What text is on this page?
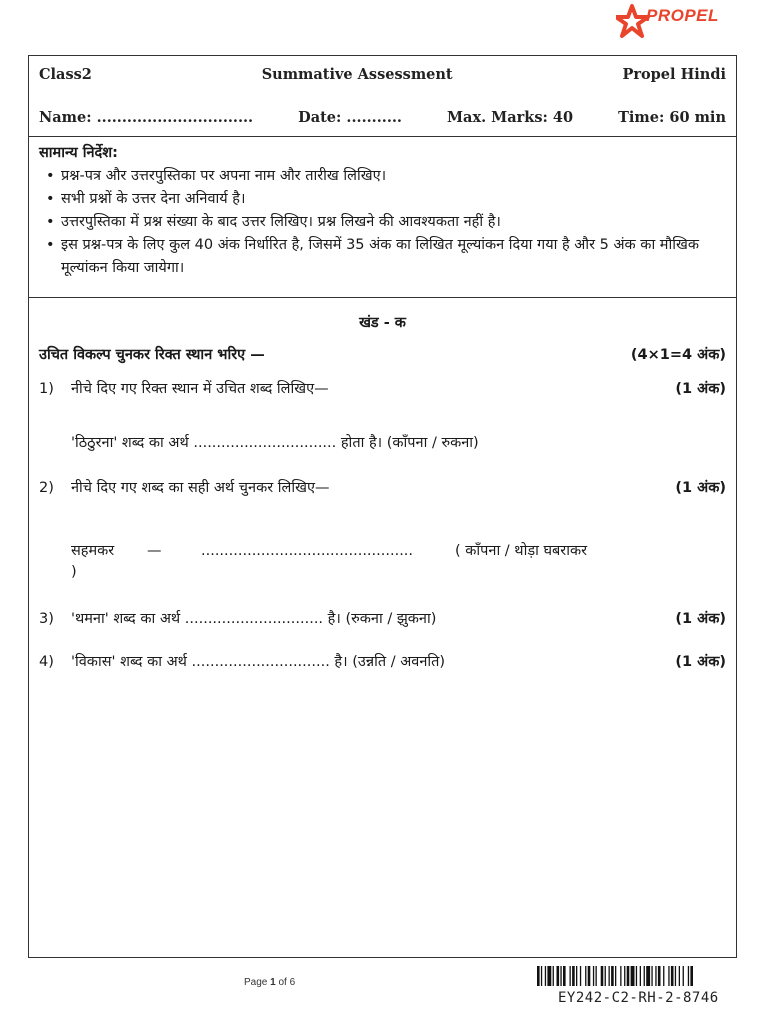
PROPEL
Class2	Summative Assessment	Propel Hindi
Name: ...............................	Date: ...........	Max. Marks: 40	Time: 60 min
सामान्य निर्देश:
• प्रश्न-पत्र और उत्तरपुस्तिका पर अपना नाम और तारीख लिखिए।
• सभी प्रश्नों के उत्तर देना अनिवार्य है।
• उत्तरपुस्तिका में प्रश्न संख्या के बाद उत्तर लिखिए। प्रश्न लिखने की आवश्यकता नहीं है।
• इस प्रश्न-पत्र के लिए कुल 40 अंक निर्धारित है, जिसमें 35 अंक का लिखित मूल्यांकन दिया गया है और 5 अंक का मौखिक मूल्यांकन किया जायेगा।
खंड - क
उचित विकल्प चुनकर रिक्त स्थान भरिए —	(4×1=4 अंक)
1) नीचे दिए गए रिक्त स्थान में उचित शब्द लिखिए—	(1 अंक)
'ठिठुरना' शब्द का अर्थ ............................... होता है। (काँपना / रुकना)
2) नीचे दिए गए शब्द का सही अर्थ चुनकर लिखिए—	(1 अंक)
सहमकर —	..............................................	( काँपना / थोड़ा घबराकर
)
3) 'थमना' शब्द का अर्थ .............................. है। (रुकना / झुकना)	(1 अंक)
4) 'विकास' शब्द का अर्थ .............................. है। (उन्नति / अवनति)	(1 अंक)
Page 1 of 6
EY242-C2-RH-2-8746
